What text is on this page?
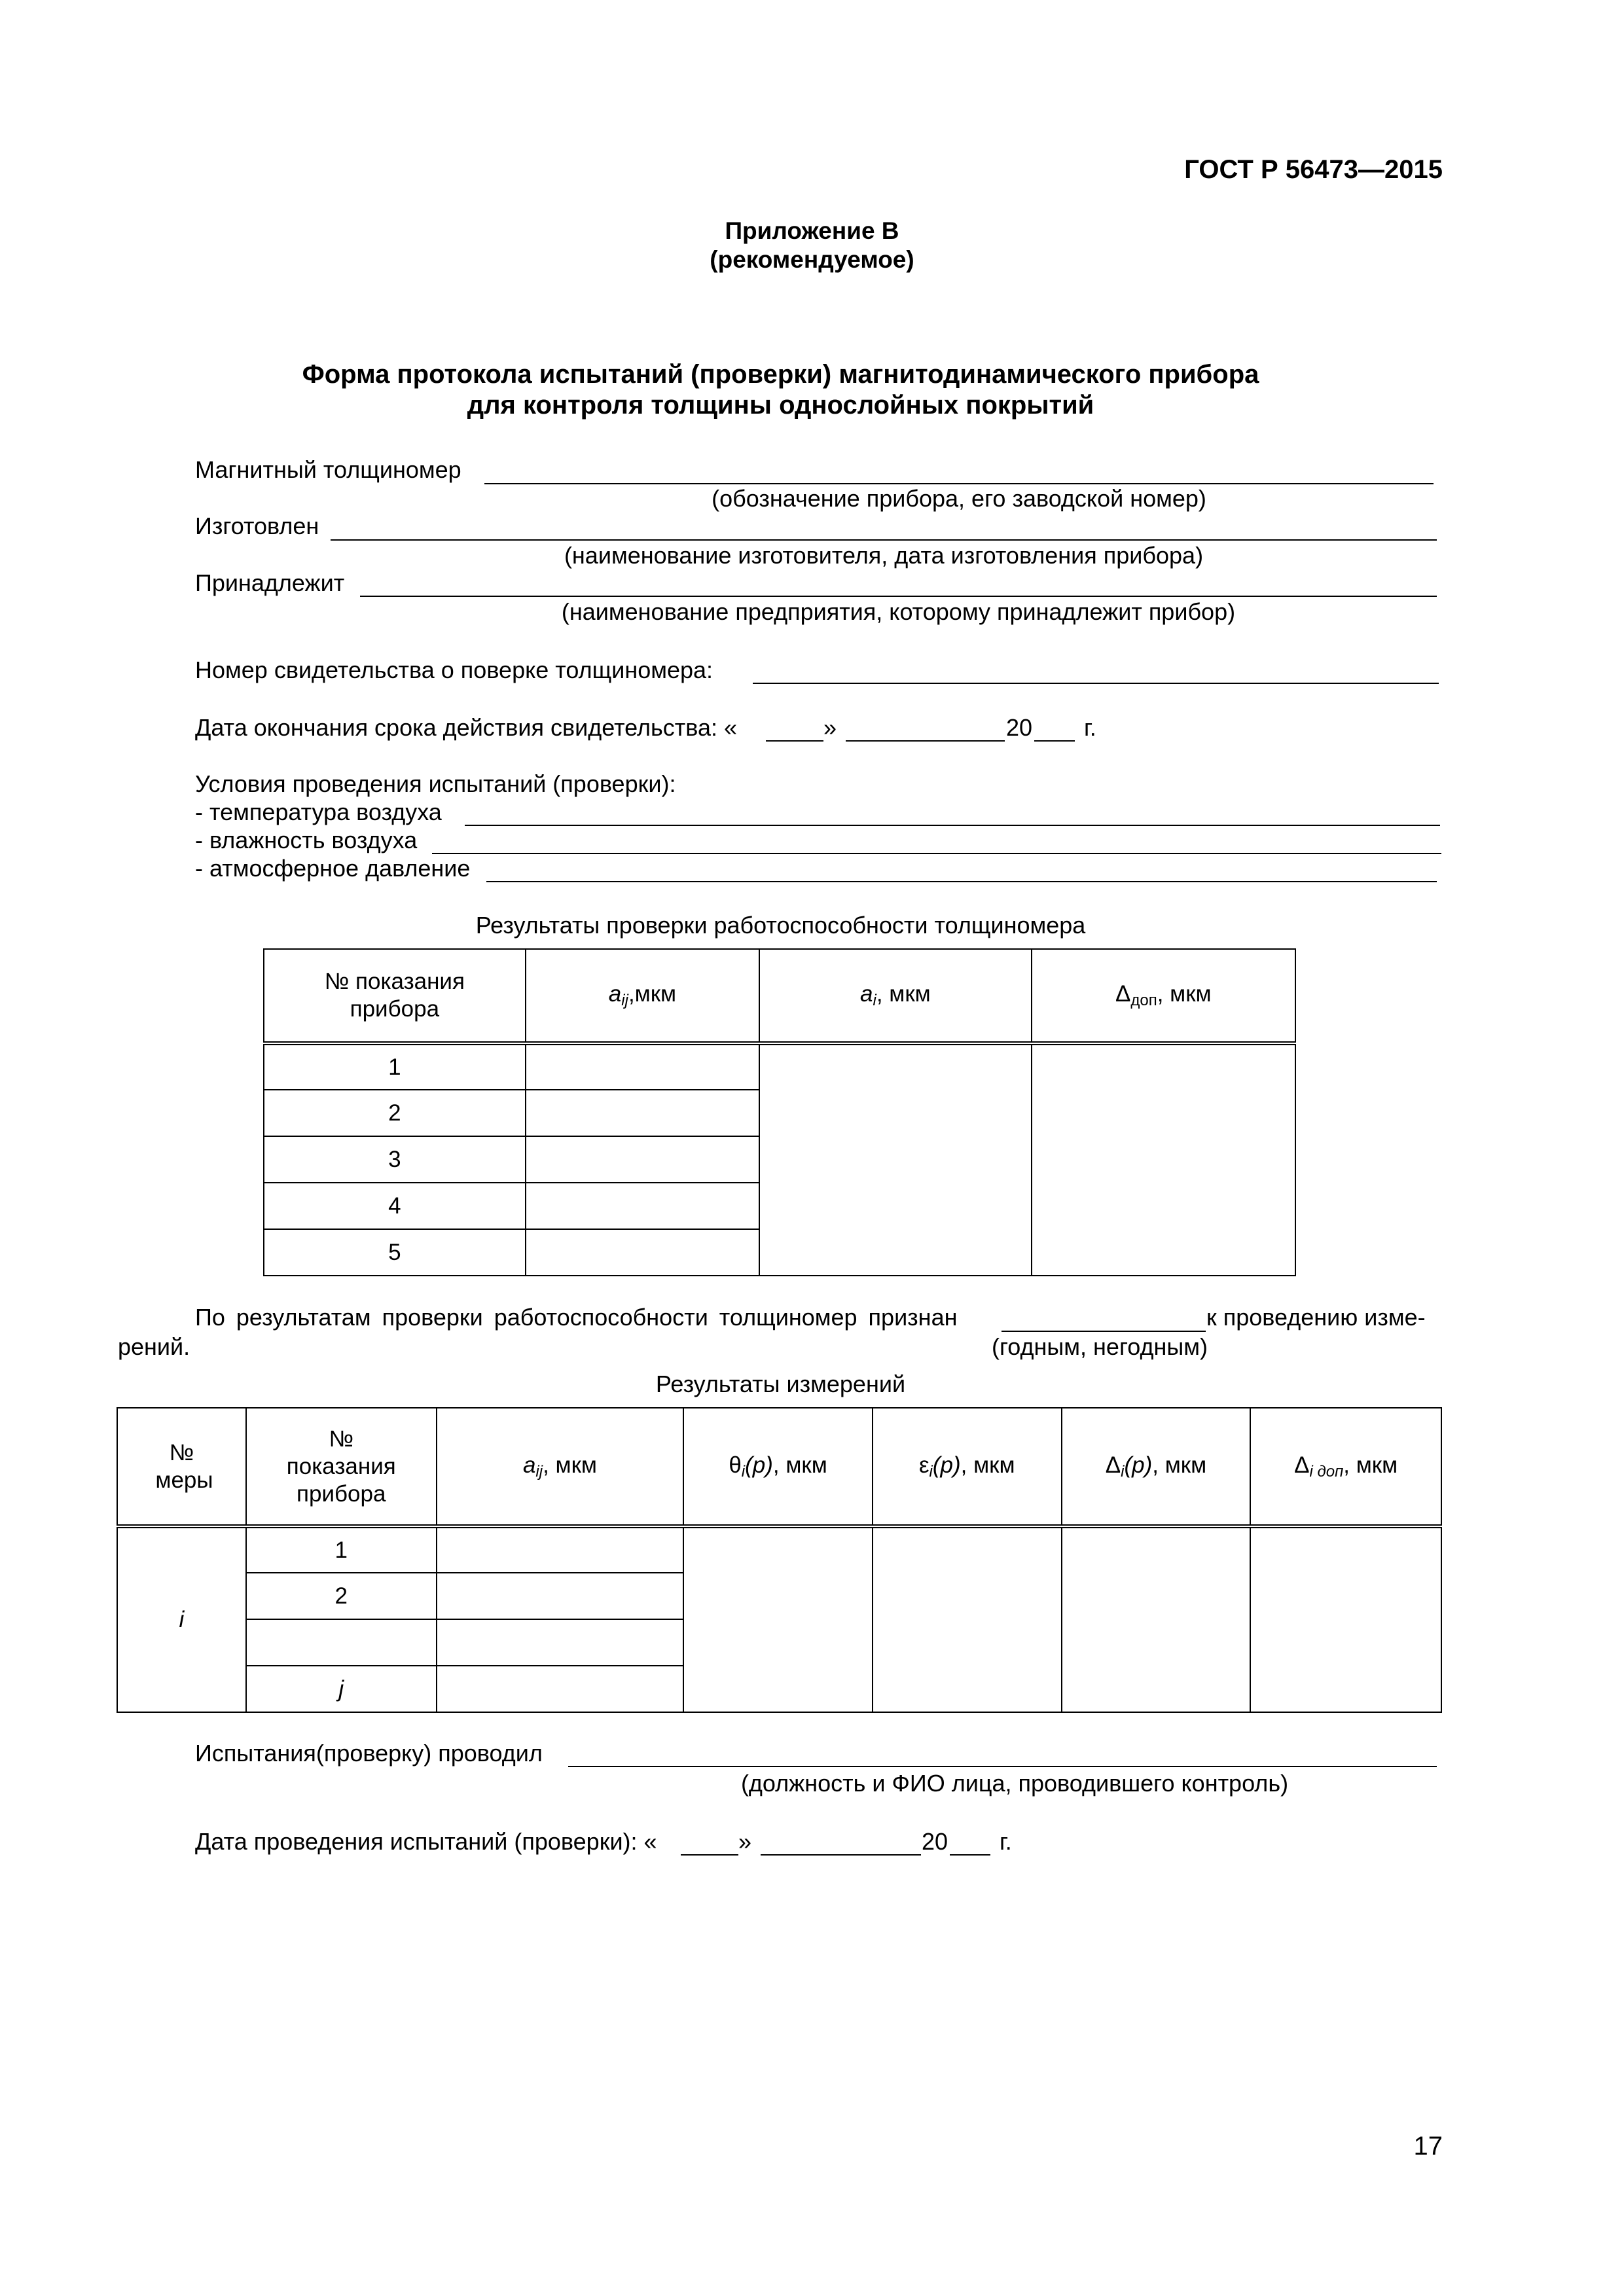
ГОСТ Р 56473—2015
Приложение В
(рекомендуемое)
Форма протокола испытаний (проверки) магнитодинамического прибора
для контроля толщины однослойных покрытий
Магнитный толщиномер
(обозначение прибора, его заводской номер)
Изготовлен
(наименование изготовителя, дата изготовления прибора)
Принадлежит
(наименование предприятия, которому принадлежит прибор)
Номер свидетельства о поверке толщиномера:
Дата окончания срока действия свидетельства: «	»	20 г.
Условия проведения испытаний (проверки):
- температура воздуха
- влажность воздуха
- атмосферное давление
Результаты проверки работоспособности толщиномера
№ показания прибора	$a_{ij},мкм$	$a_i$, мкм	$\Delta_{доп}$, мкм
1			
2			
3			
4			
5			
По результатам проверки работоспособности толщиномер признан	к проведению изме-
рений.	(годным, негодным)
Результаты измерений
№ меры	№ показания прибора	$a_{ij}$, мкм	$\theta_i(p)$, мкм	$\varepsilon_i(p)$, мкм	$\Delta_i(p)$, мкм	$\Delta_{i доп}$, мкм
i	1					
	2					

	j					
Испытания(проверку) проводил
(должность и ФИО лица, проводившего контроль)
Дата проведения испытаний (проверки): «	»	20 г.
17
